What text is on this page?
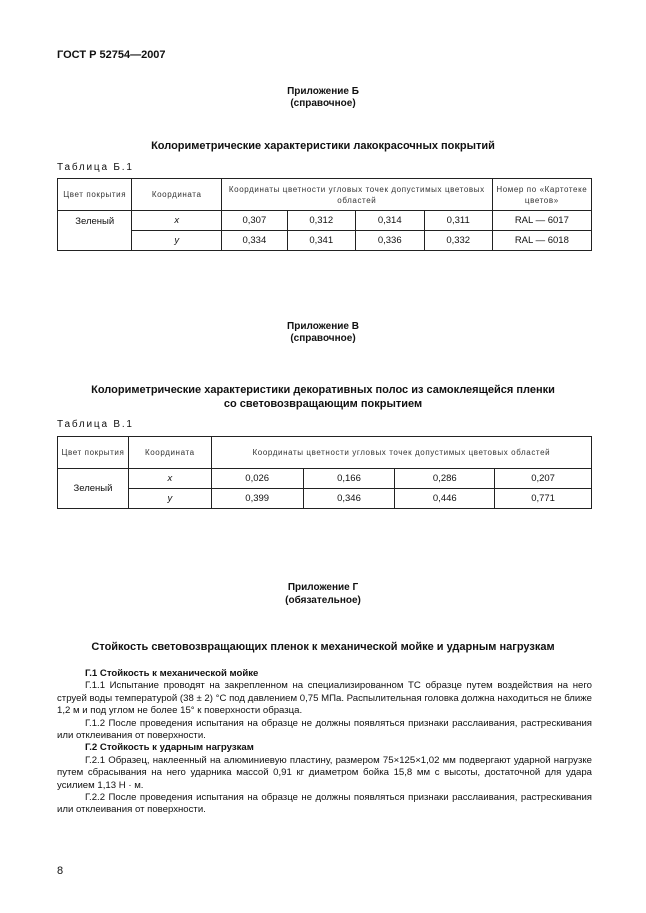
ГОСТ Р 52754—2007
Приложение Б
(справочное)
Колориметрические характеристики лакокрасочных покрытий
Таблица Б.1
Цвет покрытия	Координата	Координаты цветности угловых точек допустимых цветовых областей				Номер по «Картотеке цветов»
Зеленый	x	0,307	0,312	0,314	0,311	RAL — 6017
	y	0,334	0,341	0,336	0,332	RAL — 6018
Приложение В
(справочное)
Колориметрические характеристики декоративных полос из самоклеящейся пленки
со световозвращающим покрытием
Таблица В.1
Цвет покрытия	Координата	Координаты цветности угловых точек допустимых цветовых областей			
Зеленый	x	0,026	0,166	0,286	0,207
	y	0,399	0,346	0,446	0,771
Приложение Г
(обязательное)
Стойкость световозвращающих пленок к механической мойке и ударным нагрузкам

Г.1 Стойкость к механической мойке

Г.1.1 Испытание проводят на закрепленном на специализированном ТС образце путем воздействия на него струей воды температурой (38 ± 2) °С под давлением 0,75 МПа. Распылительная головка должна находиться не ближе 1,2 м и под углом не более 15° к поверхности образца.

Г.1.2 После проведения испытания на образце не должны появляться признаки расслаивания, растрескивания или отклеивания от поверхности.

Г.2 Стойкость к ударным нагрузкам

Г.2.1 Образец, наклеенный на алюминиевую пластину, размером 75×125×1,02 мм подвергают ударной нагрузке путем сбрасывания на него ударника массой 0,91 кг диаметром бойка 15,8 мм с высоты, достаточной для удара усилием 1,13 Н · м.

Г.2.2 После проведения испытания на образце не должны появляться признаки расслаивания, растрескивания или отклеивания от поверхности.

8
